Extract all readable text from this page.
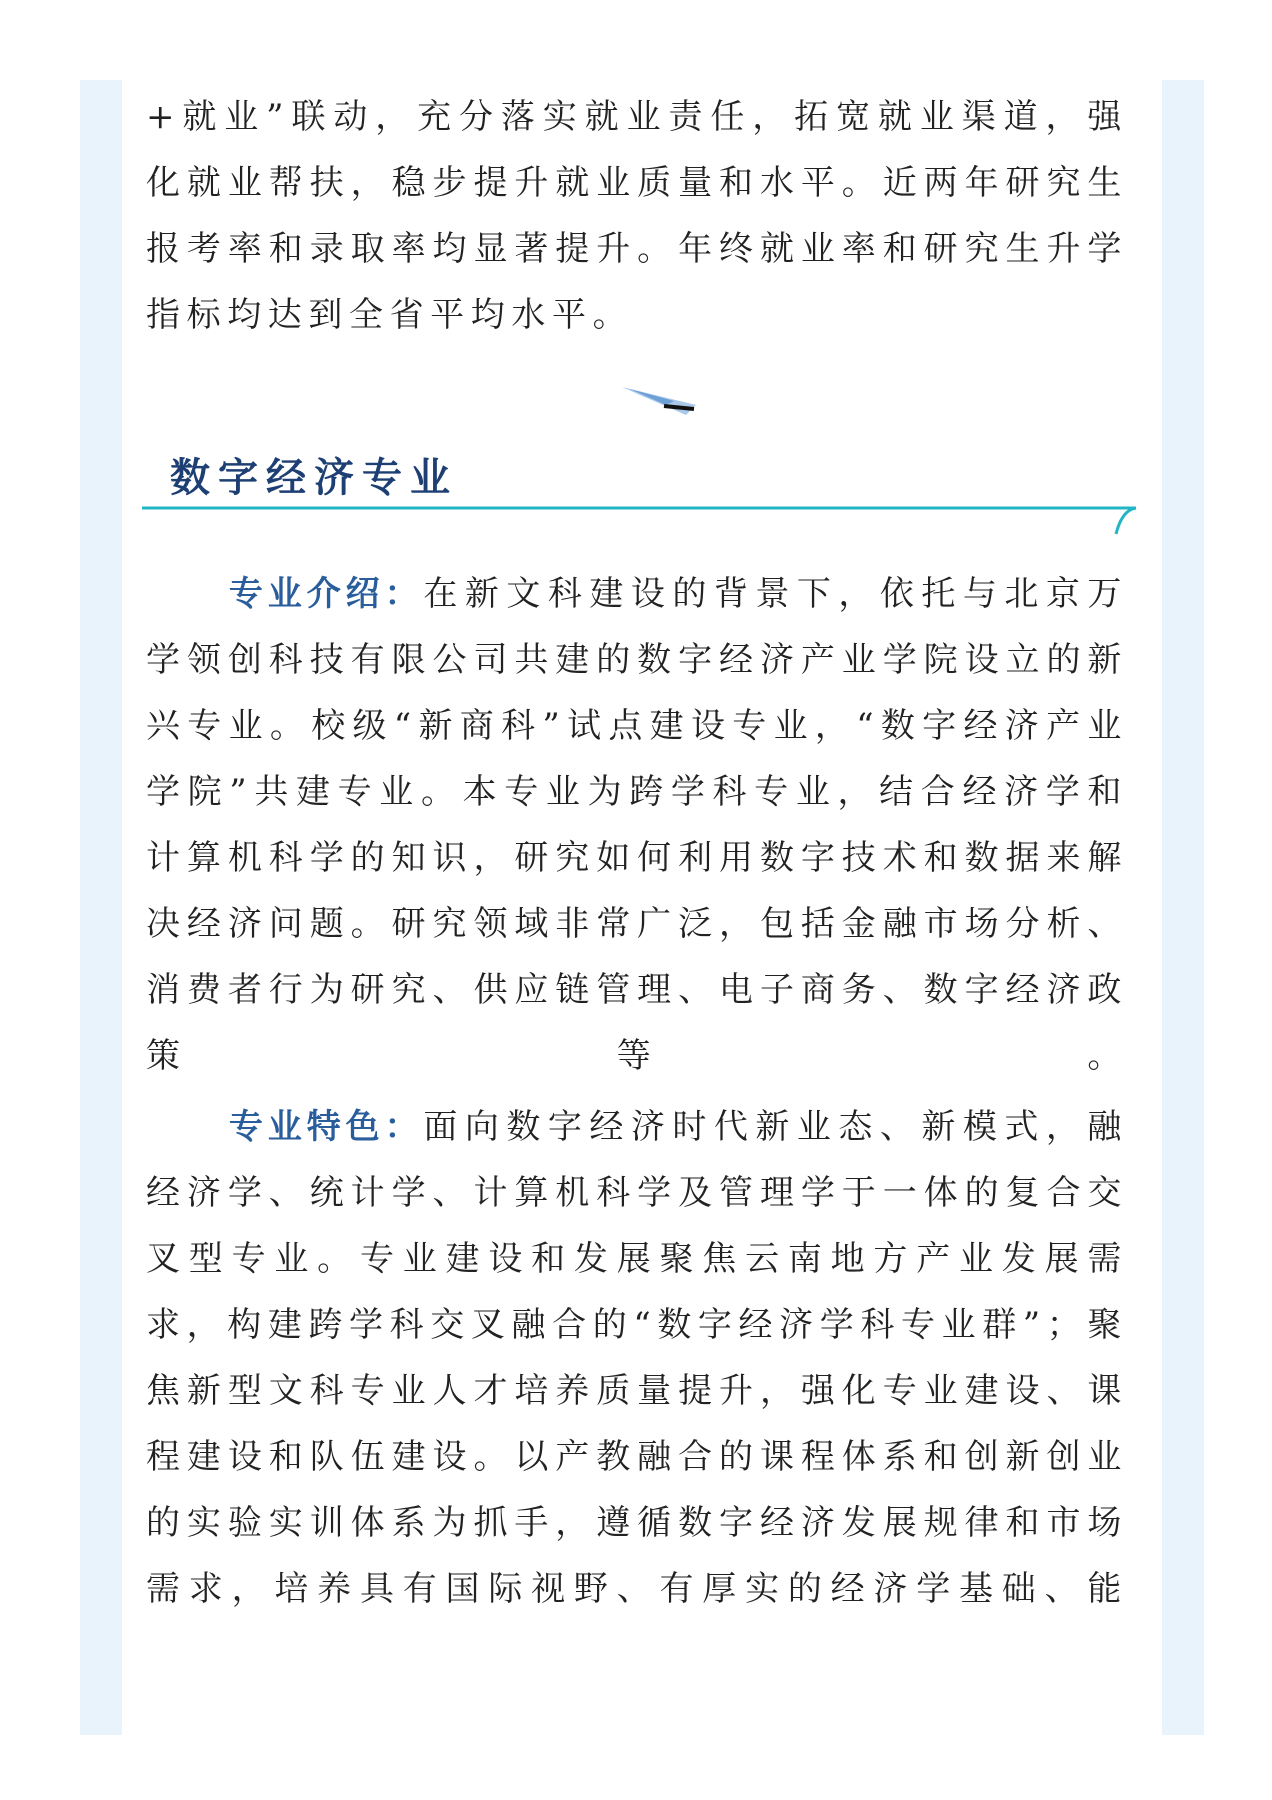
+就业”联动，充分落实就业责任，拓宽就业渠道，强化就业帮扶，稳步提升就业质量和水平。近两年研究生报考率和录取率均显著提升。年终就业率和研究生升学指标均达到全省平均水平。

数字经济专业

专业介绍：在新文科建设的背景下，依托与北京万学领创科技有限公司共建的数字经济产业学院设立的新兴专业。校级“新商科”试点建设专业，“数字经济产业学院”共建专业。本专业为跨学科专业，结合经济学和计算机科学的知识，研究如何利用数字技术和数据来解决经济问题。研究领域非常广泛，包括金融市场分析、消费者行为研究、供应链管理、电子商务、数字经济政策等。

专业特色：面向数字经济时代新业态、新模式，融经济学、统计学、计算机科学及管理学于一体的复合交叉型专业。专业建设和发展聚焦云南地方产业发展需求，构建跨学科交叉融合的“数字经济学科专业群”；聚焦新型文科专业人才培养质量提升，强化专业建设、课程建设和队伍建设。以产教融合的课程体系和创新创业的实验实训体系为抓手，遵循数字经济发展规律和市场需求，培养具有国际视野、有厚实的经济学基础、能
